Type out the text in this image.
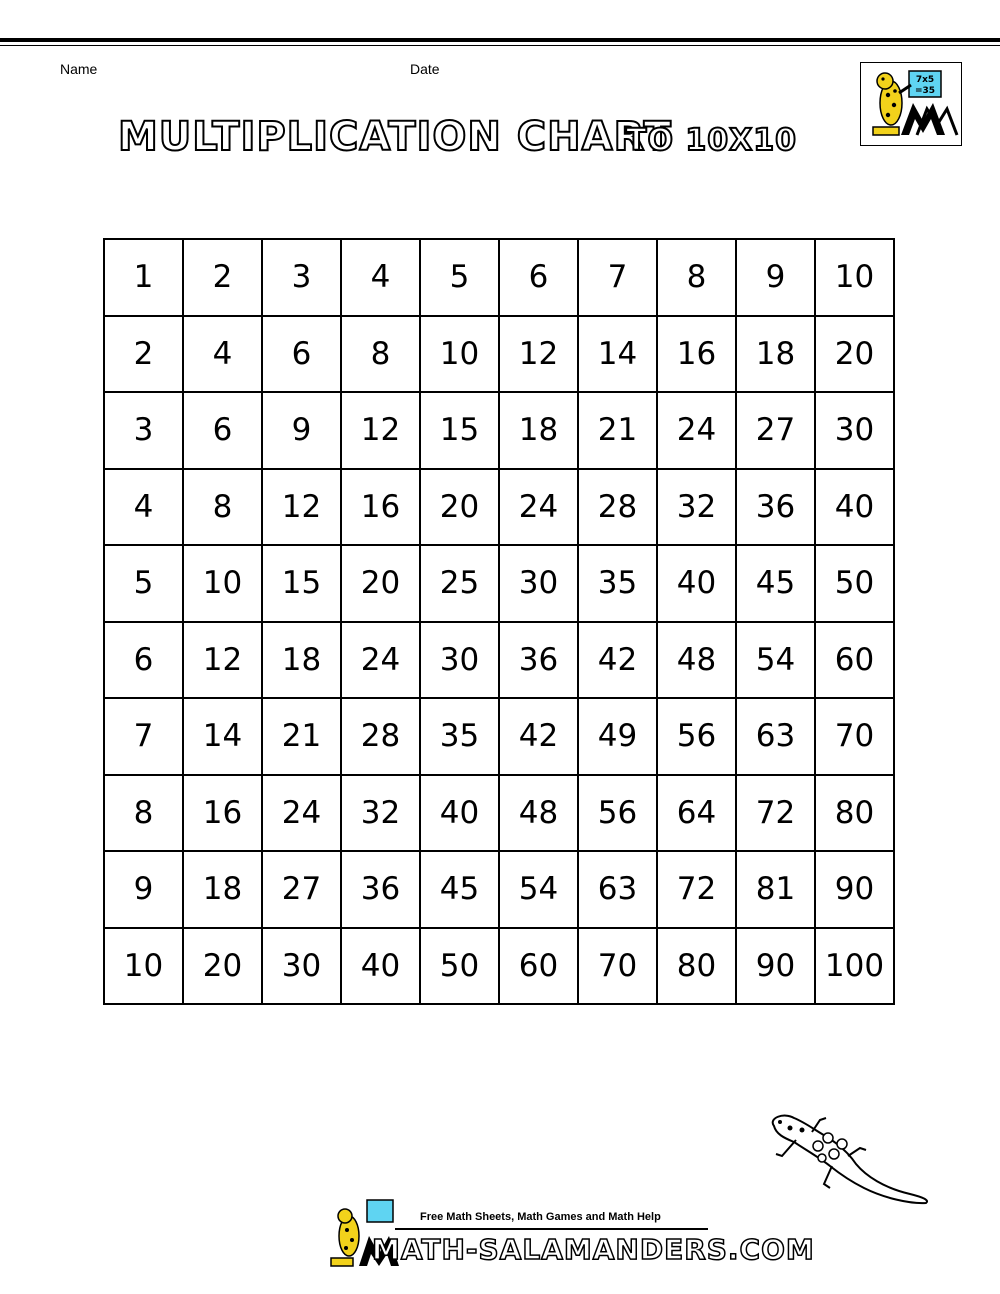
Name	Date
MULTIPLICATION CHART
TO 10X10
7x5
=35
1	2	3	4	5	6	7	8	9	10
2	4	6	8	10	12	14	16	18	20
3	6	9	12	15	18	21	24	27	30
4	8	12	16	20	24	28	32	36	40
5	10	15	20	25	30	35	40	45	50
6	12	18	24	30	36	42	48	54	60
7	14	21	28	35	42	49	56	63	70
8	16	24	32	40	48	56	64	72	80
9	18	27	36	45	54	63	72	81	90
10	20	30	40	50	60	70	80	90	100
Free Math Sheets, Math Games and Math Help
MATH-SALAMANDERS.COM
